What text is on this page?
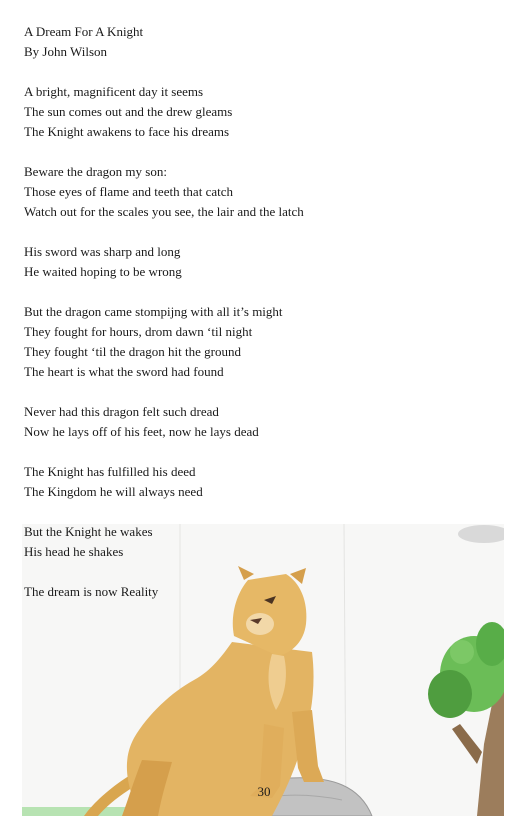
A Dream For A Knight
By John Wilson
A bright, magnificent day it seems
The sun comes out and the drew gleams
The Knight awakens to face his dreams
Beware the dragon my son:
Those eyes of flame and teeth that catch
Watch out for the scales you see, the lair and the latch
His sword was sharp and long
He waited hoping to be wrong
But the dragon came stompijng with all it’s might
They fought for hours, drom dawn ‘til night
They fought ‘til the dragon hit the ground
The heart is what the sword had found
Never had this dragon felt such dread
Now he lays off of his feet, now he lays dead
The Knight has fulfilled his deed
The Kingdom he will always need
But the Knight he wakes
His head he shakes
The dream is now Reality
30
